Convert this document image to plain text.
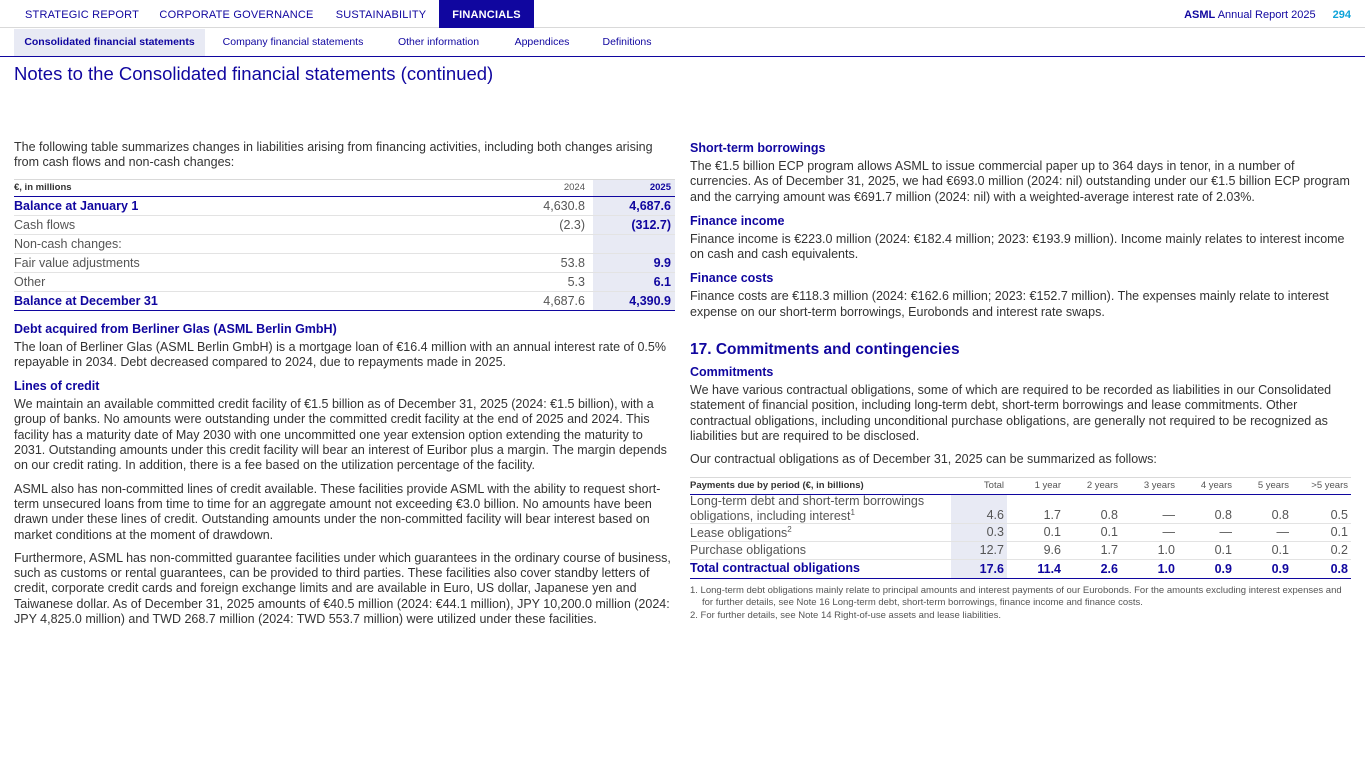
STRATEGIC REPORT	CORPORATE GOVERNANCE	SUSTAINABILITY	FINANCIALS	ASML Annual Report 2025 294
Consolidated financial statements	Company financial statements	Other information	Appendices	Definitions
Notes to the Consolidated financial statements (continued)

The following table summarizes changes in liabilities arising from financing activities, including both changes arising from cash flows and non-cash changes:

€, in millions	2024	2025
Balance at January 1	4,630.8	4,687.6
Cash flows	(2.3)	(312.7)
Non-cash changes:		
Fair value adjustments	53.8	9.9
Other	5.3	6.1
Balance at December 31	4,687.6	4,390.9
Debt acquired from Berliner Glas (ASML Berlin GmbH)

The loan of Berliner Glas (ASML Berlin GmbH) is a mortgage loan of €16.4 million with an annual interest rate of 0.5% repayable in 2034. Debt decreased compared to 2024, due to repayments made in 2025.

Lines of credit

We maintain an available committed credit facility of €1.5 billion as of December 31, 2025 (2024: €1.5 billion), with a group of banks. No amounts were outstanding under the committed credit facility at the end of 2025 and 2024. This facility has a maturity date of May 2030 with one uncommitted one year extension option extending the maturity to 2031. Outstanding amounts under this credit facility will bear an interest of Euribor plus a margin. The margin depends on our credit rating. In addition, there is a fee based on the utilization percentage of the facility.

ASML also has non-committed lines of credit available. These facilities provide ASML with the ability to request short-term unsecured loans from time to time for an aggregate amount not exceeding €3.0 billion. No amounts have been drawn under these lines of credit. Outstanding amounts under the non-committed facility will bear interest based on market conditions at the moment of drawdown.

Furthermore, ASML has non-committed guarantee facilities under which guarantees in the ordinary course of business, such as customs or rental guarantees, can be provided to third parties. These facilities also cover standby letters of credit, corporate credit cards and foreign exchange limits and are available in Euro, US dollar, Japanese yen and Taiwanese dollar. As of December 31, 2025 amounts of €40.5 million (2024: €44.1 million), JPY 10,200.0 million (2024: JPY 4,825.0 million) and TWD 268.7 million (2024: TWD 553.7 million) were utilized under these facilities.

Short-term borrowings

The €1.5 billion ECP program allows ASML to issue commercial paper up to 364 days in tenor, in a number of currencies. As of December 31, 2025, we had €693.0 million (2024: nil) outstanding under our €1.5 billion ECP program and the carrying amount was €691.7 million (2024: nil) with a weighted-average interest rate of 2.03%.

Finance income

Finance income is €223.0 million (2024: €182.4 million; 2023: €193.9 million). Income mainly relates to interest income on cash and cash equivalents.

Finance costs

Finance costs are €118.3 million (2024: €162.6 million; 2023: €152.7 million). The expenses mainly relate to interest expense on our short-term borrowings, Eurobonds and interest rate swaps.

17. Commitments and contingencies
Commitments

We have various contractual obligations, some of which are required to be recorded as liabilities in our Consolidated statement of financial position, including long-term debt, short-term borrowings and lease commitments. Other contractual obligations, including unconditional purchase obligations, are generally not required to be recognized as liabilities but are required to be disclosed.

Our contractual obligations as of December 31, 2025 can be summarized as follows:

Payments due by period (€, in billions)	Total	1 year	2 years	3 years	4 years	5 years	>5 years
Long-term debt and short-term borrowings obligations, including interest$^1$	4.6	1.7	0.8	—	0.8	0.8	0.5
Lease obligations$^2$	0.3	0.1	0.1	—	—	—	0.1
Purchase obligations	12.7	9.6	1.7	1.0	0.1	0.1	0.2
Total contractual obligations	17.6	11.4	2.6	1.0	0.9	0.9	0.8
1. Long-term debt obligations mainly relate to principal amounts and interest payments of our Eurobonds. For the amounts excluding interest expenses and for further details, see Note 16 Long-term debt, short-term borrowings, finance income and finance costs.
2. For further details, see Note 14 Right-of-use assets and lease liabilities.
